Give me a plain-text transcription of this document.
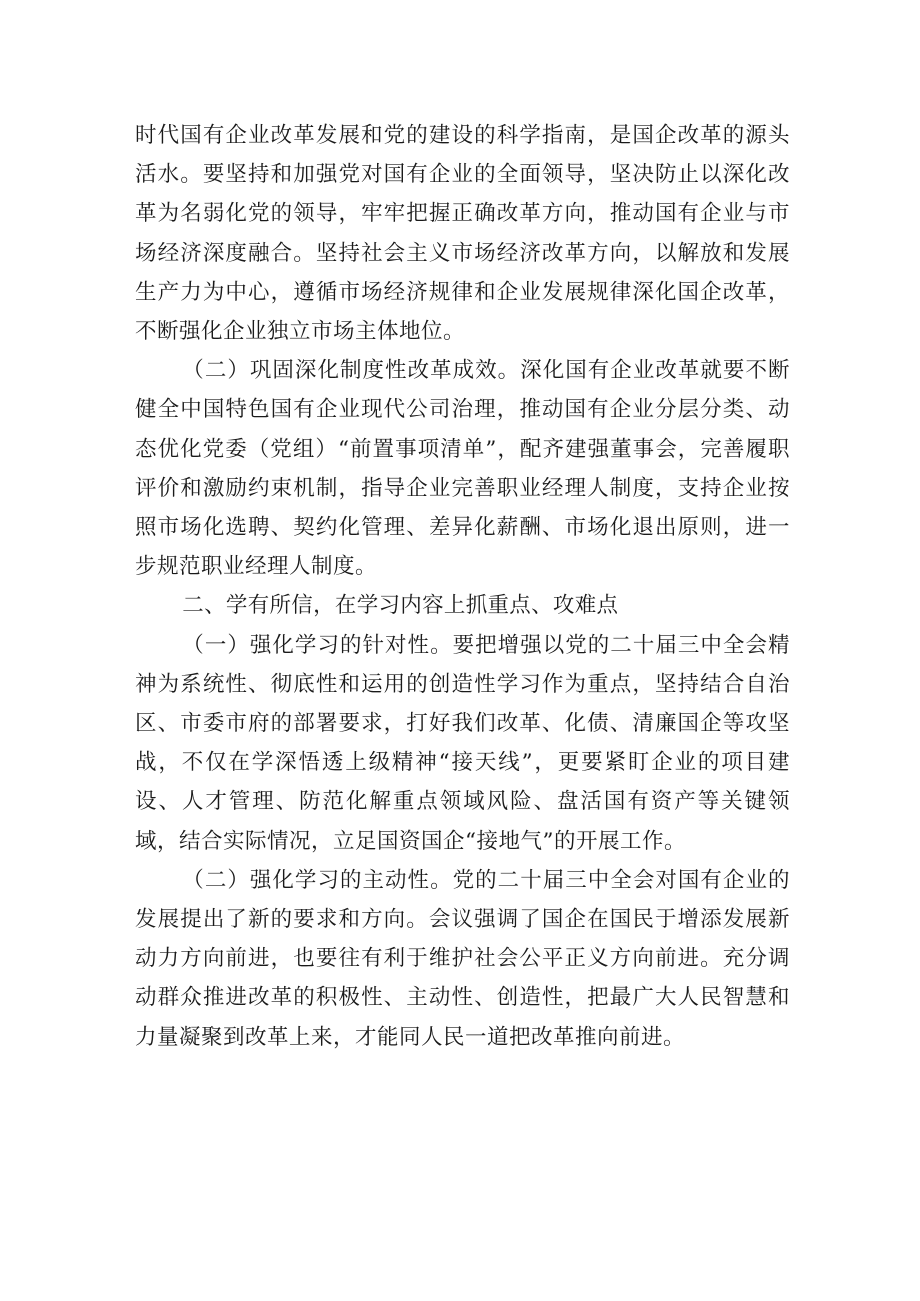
时代国有企业改革发展和党的建设的科学指南，是国企改革的源头活水。要坚持和加强党对国有企业的全面领导，坚决防止以深化改革为名弱化党的领导，牢牢把握正确改革方向，推动国有企业与市场经济深度融合。坚持社会主义市场经济改革方向，以解放和发展生产力为中心，遵循市场经济规律和企业发展规律深化国企改革，不断强化企业独立市场主体地位。

（二）巩固深化制度性改革成效。深化国有企业改革就要不断健全中国特色国有企业现代公司治理，推动国有企业分层分类、动态优化党委（党组）“前置事项清单”，配齐建强董事会，完善履职评价和激励约束机制，指导企业完善职业经理人制度，支持企业按照市场化选聘、契约化管理、差异化薪酬、市场化退出原则，进一步规范职业经理人制度。

二、学有所信，在学习内容上抓重点、攻难点

（一）强化学习的针对性。要把增强以党的二十届三中全会精神为系统性、彻底性和运用的创造性学习作为重点，坚持结合自治区、市委市府的部署要求，打好我们改革、化债、清廉国企等攻坚战，不仅在学深悟透上级精神“接天线”，更要紧盯企业的项目建设、人才管理、防范化解重点领域风险、盘活国有资产等关键领域，结合实际情况，立足国资国企“接地气”的开展工作。

（二）强化学习的主动性。党的二十届三中全会对国有企业的发展提出了新的要求和方向。会议强调了国企在国民于增添发展新动力方向前进，也要往有利于维护社会公平正义方向前进。充分调动群众推进改革的积极性、主动性、创造性，把最广大人民智慧和力量凝聚到改革上来，才能同人民一道把改革推向前进。
